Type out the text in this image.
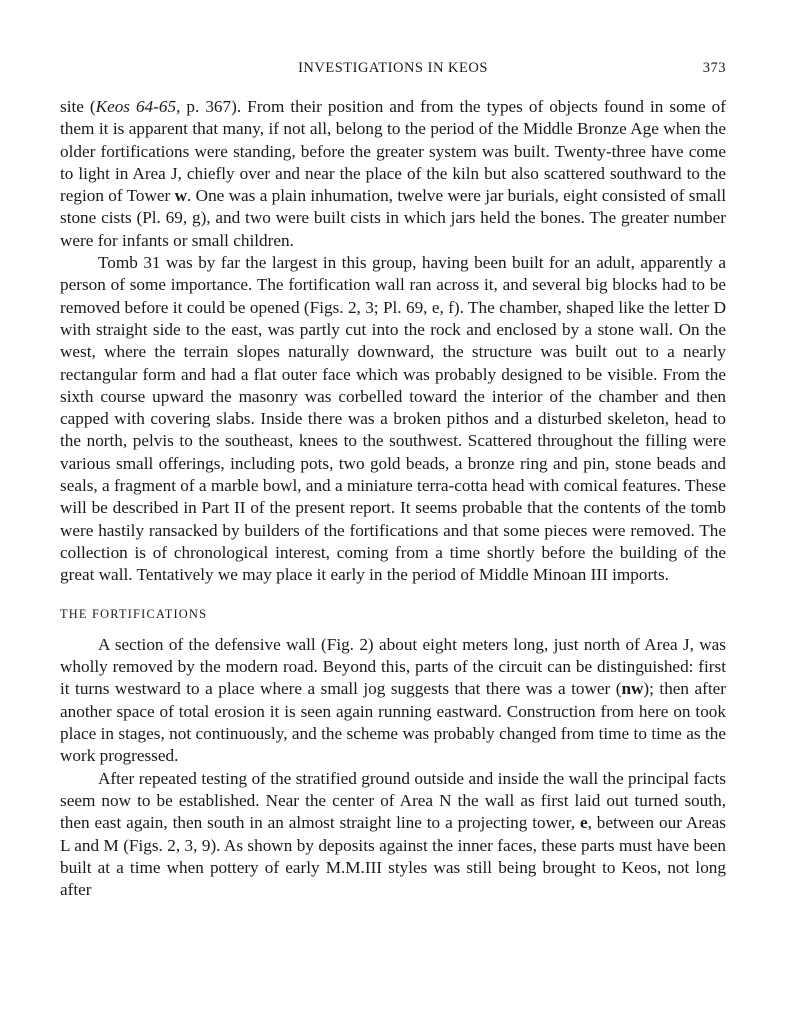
INVESTIGATIONS IN KEOS	373

site (Keos 64-65, p. 367). From their position and from the types of objects found in some of them it is apparent that many, if not all, belong to the period of the Middle Bronze Age when the older fortifications were standing, before the greater system was built. Twenty-three have come to light in Area J, chiefly over and near the place of the kiln but also scattered southward to the region of Tower w. One was a plain inhumation, twelve were jar burials, eight consisted of small stone cists (Pl. 69, g), and two were built cists in which jars held the bones. The greater number were for infants or small children.

Tomb 31 was by far the largest in this group, having been built for an adult, apparently a person of some importance. The fortification wall ran across it, and several big blocks had to be removed before it could be opened (Figs. 2, 3; Pl. 69, e, f). The chamber, shaped like the letter D with straight side to the east, was partly cut into the rock and enclosed by a stone wall. On the west, where the terrain slopes naturally downward, the structure was built out to a nearly rectangular form and had a flat outer face which was probably designed to be visible. From the sixth course upward the masonry was corbelled toward the interior of the chamber and then capped with covering slabs. Inside there was a broken pithos and a disturbed skeleton, head to the north, pelvis to the southeast, knees to the southwest. Scattered throughout the filling were various small offerings, including pots, two gold beads, a bronze ring and pin, stone beads and seals, a fragment of a marble bowl, and a miniature terra-cotta head with comical features. These will be described in Part II of the present report. It seems probable that the contents of the tomb were hastily ransacked by builders of the fortifications and that some pieces were removed. The collection is of chronological interest, coming from a time shortly before the building of the great wall. Tentatively we may place it early in the period of Middle Minoan III imports.

THE FORTIFICATIONS

A section of the defensive wall (Fig. 2) about eight meters long, just north of Area J, was wholly removed by the modern road. Beyond this, parts of the circuit can be distinguished: first it turns westward to a place where a small jog suggests that there was a tower (nw); then after another space of total erosion it is seen again running eastward. Construction from here on took place in stages, not continuously, and the scheme was probably changed from time to time as the work progressed.

After repeated testing of the stratified ground outside and inside the wall the principal facts seem now to be established. Near the center of Area N the wall as first laid out turned south, then east again, then south in an almost straight line to a projecting tower, e, between our Areas L and M (Figs. 2, 3, 9). As shown by deposits against the inner faces, these parts must have been built at a time when pottery of early M.M.III styles was still being brought to Keos, not long after
